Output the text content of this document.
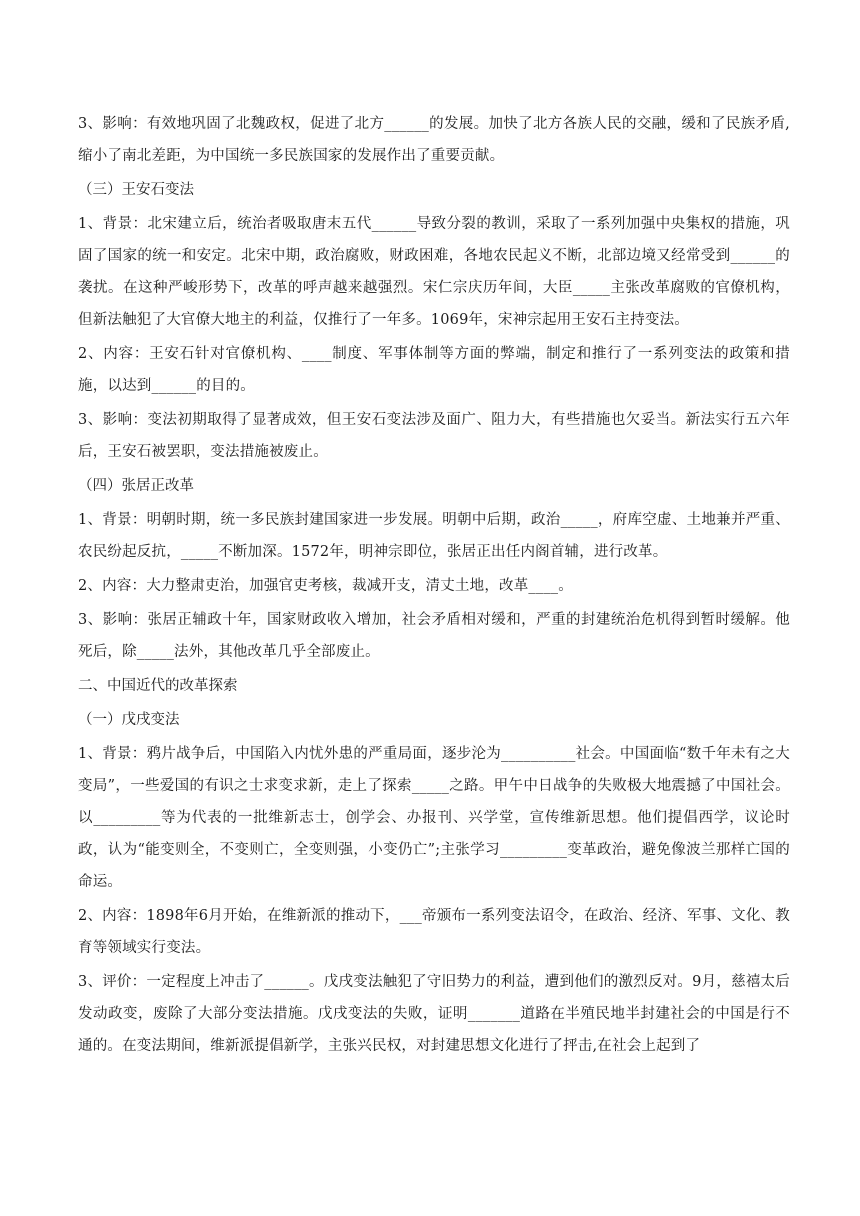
3、影响：有效地巩固了北魏政权，促进了北方______的发展。加快了北方各族人民的交融，缓和了民族矛盾,缩小了南北差距，为中国统一多民族国家的发展作出了重要贡献。

（三）王安石变法

1、背景：北宋建立后，统治者吸取唐末五代______导致分裂的教训，采取了一系列加强中央集权的措施，巩固了国家的统一和安定。北宋中期，政治腐败，财政困难，各地农民起义不断，北部边境又经常受到______的袭扰。在这种严峻形势下，改革的呼声越来越强烈。宋仁宗庆历年间，大臣_____主张改革腐败的官僚机构，但新法触犯了大官僚大地主的利益，仅推行了一年多。1069年，宋神宗起用王安石主持变法。

2、内容：王安石针对官僚机构、____制度、军事体制等方面的弊端，制定和推行了一系列变法的政策和措施，以达到______的目的。

3、影响：变法初期取得了显著成效，但王安石变法涉及面广、阻力大，有些措施也欠妥当。新法实行五六年后，王安石被罢职，变法措施被废止。

（四）张居正改革

1、背景：明朝时期，统一多民族封建国家进一步发展。明朝中后期，政治_____，府库空虚、土地兼并严重、农民纷起反抗，_____不断加深。1572年，明神宗即位，张居正出任内阁首辅，进行改革。

2、内容：大力整肃吏治，加强官吏考核，裁减开支，清丈土地，改革____。

3、影响：张居正辅政十年，国家财政收入增加，社会矛盾相对缓和，严重的封建统治危机得到暂时缓解。他死后，除_____法外，其他改革几乎全部废止。

二、中国近代的改革探索

（一）戊戌变法

1、背景：鸦片战争后，中国陷入内忧外患的严重局面，逐步沦为__________社会。中国面临“数千年未有之大变局”，一些爱国的有识之士求变求新，走上了探索_____之路。甲午中日战争的失败极大地震撼了中国社会。以_________等为代表的一批维新志士，创学会、办报刊、兴学堂，宣传维新思想。他们提倡西学，议论时政，认为“能变则全，不变则亡，全变则强，小变仍亡”;主张学习_________变革政治，避免像波兰那样亡国的命运。

2、内容：1898年6月开始，在维新派的推动下，___帝颁布一系列变法诏令，在政治、经济、军事、文化、教育等领域实行变法。

3、评价：一定程度上冲击了______。戊戌变法触犯了守旧势力的利益，遭到他们的激烈反对。9月，慈禧太后发动政变，废除了大部分变法措施。戊戌变法的失败，证明_______道路在半殖民地半封建社会的中国是行不通的。在变法期间，维新派提倡新学，主张兴民权，对封建思想文化进行了抨击,在社会上起到了
